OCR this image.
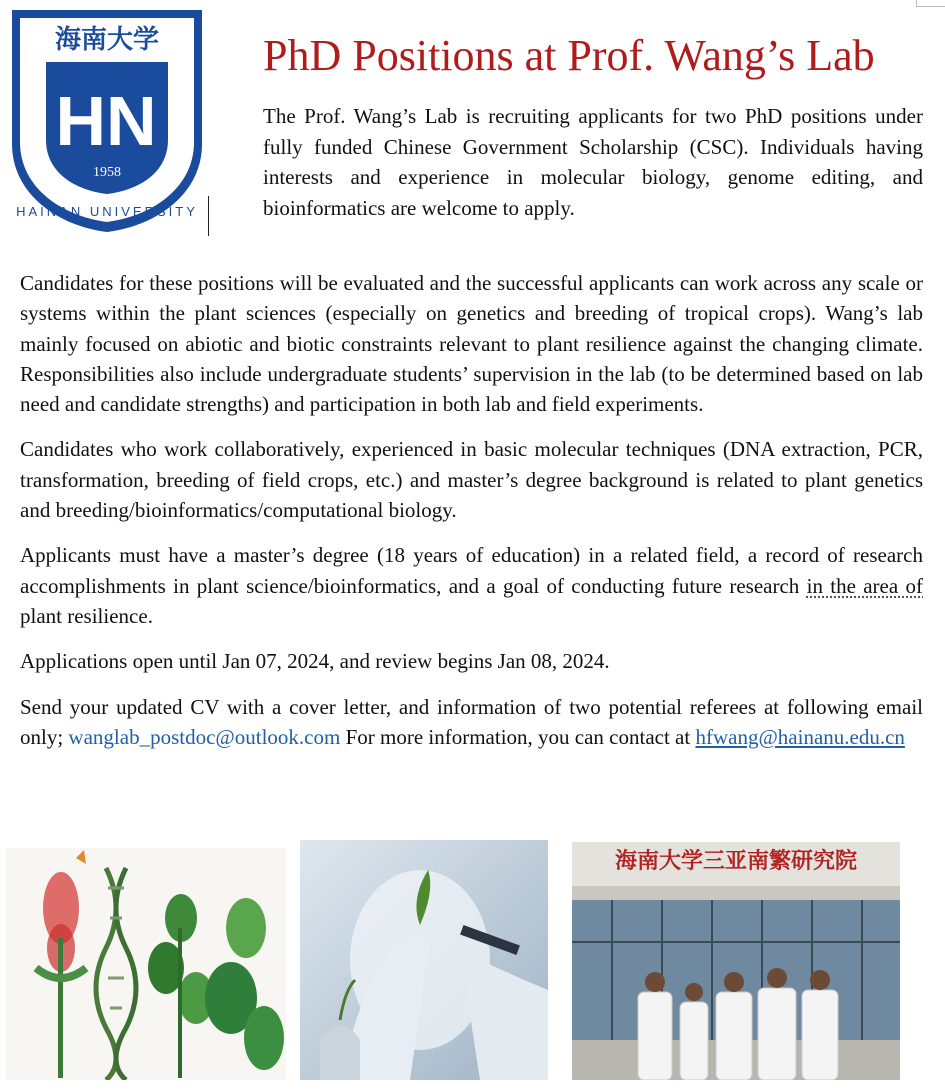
海南大学
HN
1958
HAINAN UNIVERSITY
PhD Positions at Prof. Wang’s Lab

The Prof. Wang’s Lab is recruiting applicants for two PhD positions under fully funded Chinese Government Scholarship (CSC). Individuals having interests and experience in molecular biology, genome editing, and bioinformatics are welcome to apply.

Candidates for these positions will be evaluated and the successful applicants can work across any scale or systems within the plant sciences (especially on genetics and breeding of tropical crops). Wang’s lab mainly focused on abiotic and biotic constraints relevant to plant resilience against the changing climate. Responsibilities also include undergraduate students’ supervision in the lab (to be determined based on lab need and candidate strengths) and participation in both lab and field experiments.

Candidates who work collaboratively, experienced in basic molecular techniques (DNA extraction, PCR, transformation, breeding of field crops, etc.) and master’s degree background is related to plant genetics and breeding/bioinformatics/computational biology.

Applicants must have a master’s degree (18 years of education) in a related field, a record of research accomplishments in plant science/bioinformatics, and a goal of conducting future research in the area of plant resilience.

Applications open until Jan 07, 2024, and review begins Jan 08, 2024.

Send your updated CV with a cover letter, and information of two potential referees at following email only; wanglab_postdoc@outlook.com For more information, you can contact at hfwang@hainanu.edu.cn

海南大学三亚南繁研究院
